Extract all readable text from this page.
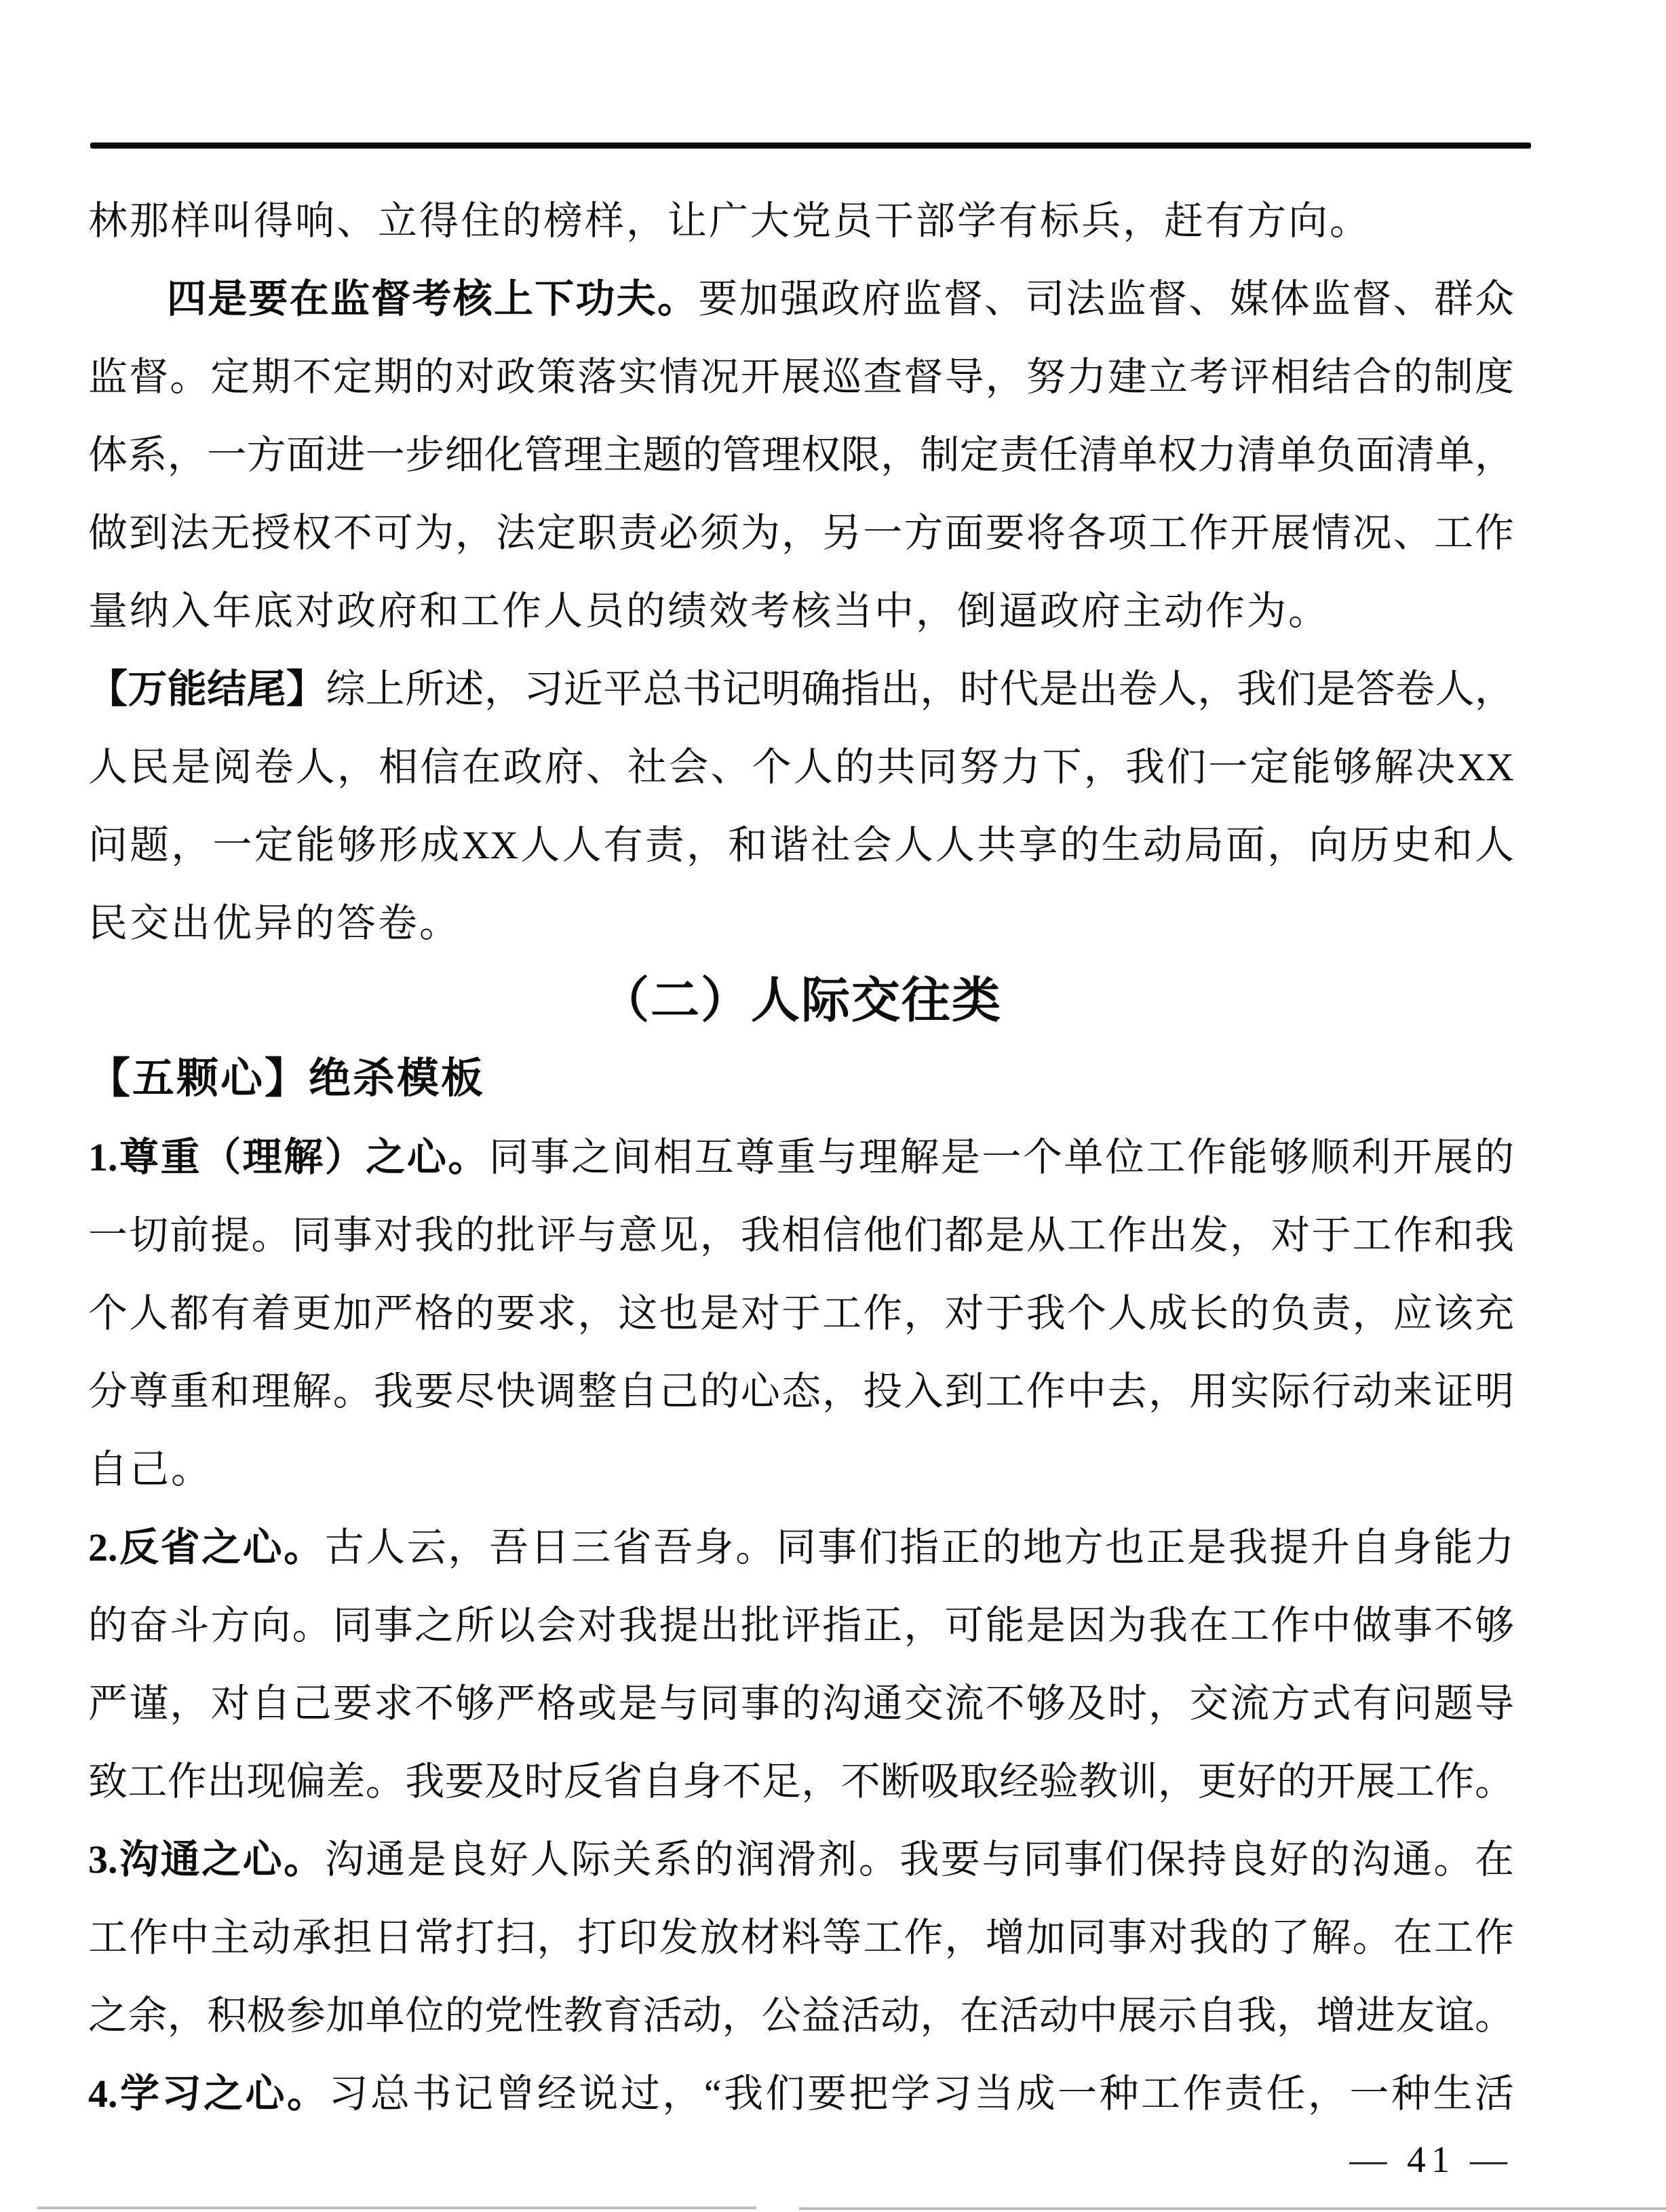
林那样叫得响、立得住的榜样，让广大党员干部学有标兵，赶有方向。
四是要在监督考核上下功夫。要加强政府监督、司法监督、媒体监督、群众
监督。定期不定期的对政策落实情况开展巡查督导，努力建立考评相结合的制度
体系，一方面进一步细化管理主题的管理权限，制定责任清单权力清单负面清单，
做到法无授权不可为，法定职责必须为，另一方面要将各项工作开展情况、工作
量纳入年底对政府和工作人员的绩效考核当中，倒逼政府主动作为。
【万能结尾】综上所述，习近平总书记明确指出，时代是出卷人，我们是答卷人，
人民是阅卷人，相信在政府、社会、个人的共同努力下，我们一定能够解决XX
问题，一定能够形成XX人人有责，和谐社会人人共享的生动局面，向历史和人
民交出优异的答卷。
（二）人际交往类
【五颗心】绝杀模板
1.尊重（理解）之心。同事之间相互尊重与理解是一个单位工作能够顺利开展的
一切前提。同事对我的批评与意见，我相信他们都是从工作出发，对于工作和我
个人都有着更加严格的要求，这也是对于工作，对于我个人成长的负责，应该充
分尊重和理解。我要尽快调整自己的心态，投入到工作中去，用实际行动来证明
自己。
2.反省之心。古人云，吾日三省吾身。同事们指正的地方也正是我提升自身能力
的奋斗方向。同事之所以会对我提出批评指正，可能是因为我在工作中做事不够
严谨，对自己要求不够严格或是与同事的沟通交流不够及时，交流方式有问题导
致工作出现偏差。我要及时反省自身不足，不断吸取经验教训，更好的开展工作。
3.沟通之心。沟通是良好人际关系的润滑剂。我要与同事们保持良好的沟通。在
工作中主动承担日常打扫，打印发放材料等工作，增加同事对我的了解。在工作
之余，积极参加单位的党性教育活动，公益活动，在活动中展示自我，增进友谊。
4.学习之心。习总书记曾经说过，“我们要把学习当成一种工作责任，一种生活
— 41 —
